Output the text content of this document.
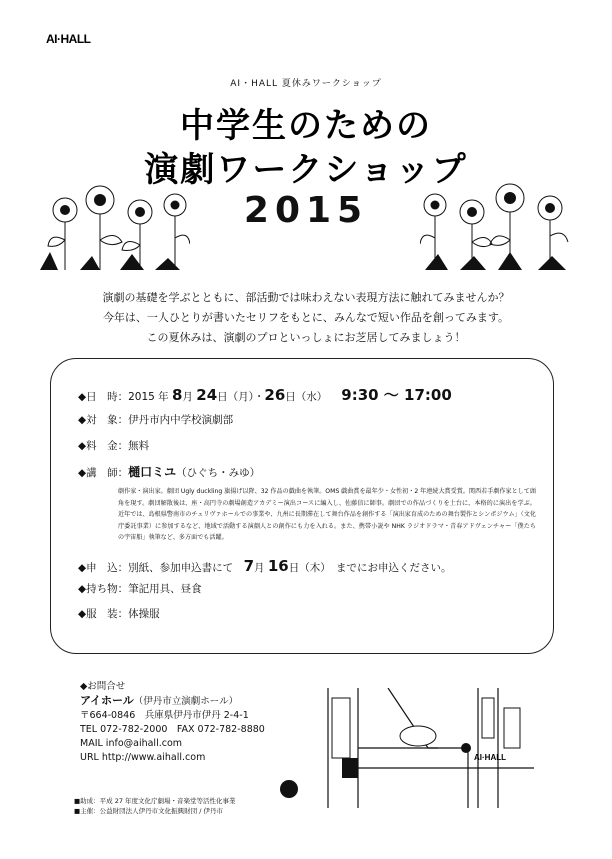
AI·HALL
AI・HALL 夏休みワークショップ
中学生のための
演劇ワークショップ
2015
演劇の基礎を学ぶとともに、部活動では味わえない表現方法に触れてみませんか？
今年は、一人ひとりが書いたセリフをもとに、みんなで短い作品を創ってみます。
この夏休みは、演劇のプロといっしょにお芝居してみましょう！
◆日　時：2015 年 8月 24日（月）・26日（水） 9:30 〜 17:00
◆対　象：伊丹市内中学校演劇部
◆料　金：無料
◆講　師：樋口ミユ（ひぐち・みゆ）
劇作家・演出家。劇団 Ugly duckling 旗揚げ以降、32 作品の戯曲を執筆。OMS 戯曲賞を最年少・女性初・2 年連続大賞受賞。関西若手劇作家として頭角を現す。劇団解散後は、座・高円寺の劇場創造アカデミー演出コースに編入し、佐藤信に師事。劇団での作品づくりを土台に、本格的に演出を学ぶ。近年では、島根県警南市のチェリヴァホールでの事業や、九州に長期滞在して舞台作品を創作する「演出家育成のための舞台製作とシンポジウム」（文化庁委託事業）に参加するなど、地域で活動する演劇人との創作にも力を入れる。また、携帯小説や NHK ラジオドラマ・青春アドヴェンチャー「僕たちの宇宙船」執筆など、多方面でも活躍。
◆申　込：別紙、参加申込書にて　7月 16日（木）　までにお申込ください。
◆持ち物：筆記用具、昼食
◆服　装：体操服
◆お問合せ
アイホール（伊丹市立演劇ホール）
〒664-0846　兵庫県伊丹市伊丹 2-4-1
TEL 072-782-2000　FAX 072-782-8880
MAIL info@aihall.com
URL http://www.aihall.com
■助成：平成 27 年度文化庁劇場・音楽堂等活性化事業
■主催：公益財団法人伊丹市文化振興財団 / 伊丹市
AI·HALL
